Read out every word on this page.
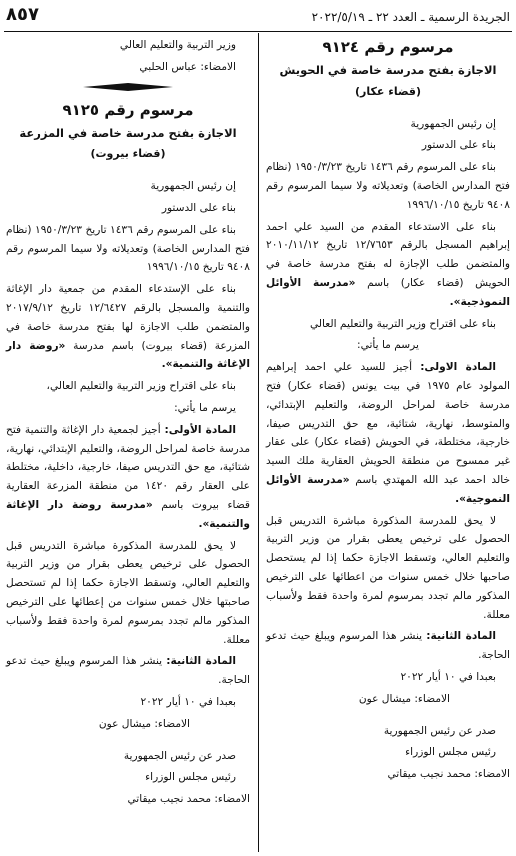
الجريدة الرسمية ـ العدد ٢٢ ـ ٢٠٢٢/٥/١٩
٨٥٧

مرسوم رقم ٩١٢٤

الاجازة بفتح مدرسة خاصة في الحويش

(قضاء عكار)

إن رئيس الجمهورية

بناء على الدستور

بناء على المرسوم رقم ١٤٣٦ تاريخ ١٩٥٠/٣/٢٣ (نظام فتح المدارس الخاصة) وتعديلاته ولا سيما المرسوم رقم ٩٤٠٨ تاريخ ١٩٩٦/١٠/١٥

بناء على الاستدعاء المقدم من السيد علي احمد إبراهيم المسجل بالرقم ١٢/٧٦٥٣ تاريخ ٢٠١٠/١١/١٢ والمتضمن طلب الإجازة له بفتح مدرسة خاصة في الحويش (قضاء عكار) باسم «مدرسة الأوائل النموذجية».

بناء على اقتراح وزير التربية والتعليم العالي

يرسم ما يأتي:

المادة الاولى: أجيز للسيد علي احمد إبراهيم المولود عام ١٩٧٥ في بيت يونس (قضاء عكار) فتح مدرسة خاصة لمراحل الروضة، والتعليم الإبتدائي، والمتوسط، نهارية، شتائية، مع حق التدريس صيفا، خارجية، مختلطة، في الحويش (قضاء عكار) على عقار غير ممسوح من منطقة الحويش العقارية ملك السيد خالد احمد عبد الله المهتدي باسم «مدرسة الأوائل النموجية».

لا يحق للمدرسة المذكورة مباشرة التدريس قبل الحصول على ترخيص يعطى بقرار من وزير التربية والتعليم العالي، وتسقط الاجازة حكما إذا لم يستحصل صاحبها خلال خمس سنوات من اعطائها على الترخيص المذكور مالم تجدد بمرسوم لمرة واحدة فقط ولأسباب معللة.

المادة الثانية: ينشر هذا المرسوم ويبلغ حيث تدعو الحاجة.

بعبدا في ١٠ أيار ٢٠٢٢

الامضاء: ميشال عون

صدر عن رئيس الجمهورية

رئيس مجلس الوزراء

الامضاء: محمد نجيب ميقاتي

وزير التربية والتعليم العالي

الامضاء: عباس الحلبي

مرسوم رقم ٩١٢٥

الاجازة بفتح مدرسة خاصة في المزرعة

(قضاء بيروت)

إن رئيس الجمهورية

بناء على الدستور

بناء على المرسوم رقم ١٤٣٦ تاريخ ١٩٥٠/٣/٢٣ (نظام فتح المدارس الخاصة) وتعديلاته ولا سيما المرسوم رقم ٩٤٠٨ تاريخ ١٩٩٦/١٠/١٥

بناء على الإستدعاء المقدم من جمعية دار الإغاثة والتنمية والمسجل بالرقم ١٢/٦٤٢٧ تاريخ ٢٠١٧/٩/١٢ والمتضمن طلب الاجازة لها بفتح مدرسة خاصة في المزرعة (قضاء بيروت) باسم مدرسة «روضة دار الإغاثة والتنمية».

بناء على اقتراح وزير التربية والتعليم العالي،

يرسم ما يأتي:

المادة الأولى: أجيز لجمعية دار الإغاثة والتنمية فتح مدرسة خاصة لمراحل الروضة، والتعليم الإبتدائي، نهارية، شتائية، مع حق التدريس صيفا، خارجية، داخلية، مختلطة على العقار رقم ١٤٢٠ من منطقة المزرعة العقارية قضاء بيروت باسم «مدرسة روضة دار الإغاثة والتنمية».

لا يحق للمدرسة المذكورة مباشرة التدريس قبل الحصول على ترخيص يعطى بقرار من وزير التربية والتعليم العالي، وتسقط الاجازة حكما إذا لم تستحصل صاحبتها خلال خمس سنوات من إعطائها على الترخيص المذكور مالم تجدد بمرسوم لمرة واحدة فقط ولأسباب معللة.

المادة الثانية: ينشر هذا المرسوم ويبلغ حيث تدعو الحاجة.

بعبدا في ١٠ أيار ٢٠٢٢

الامضاء: ميشال عون

صدر عن رئيس الجمهورية

رئيس مجلس الوزراء

الامضاء: محمد نجيب ميقاتي
